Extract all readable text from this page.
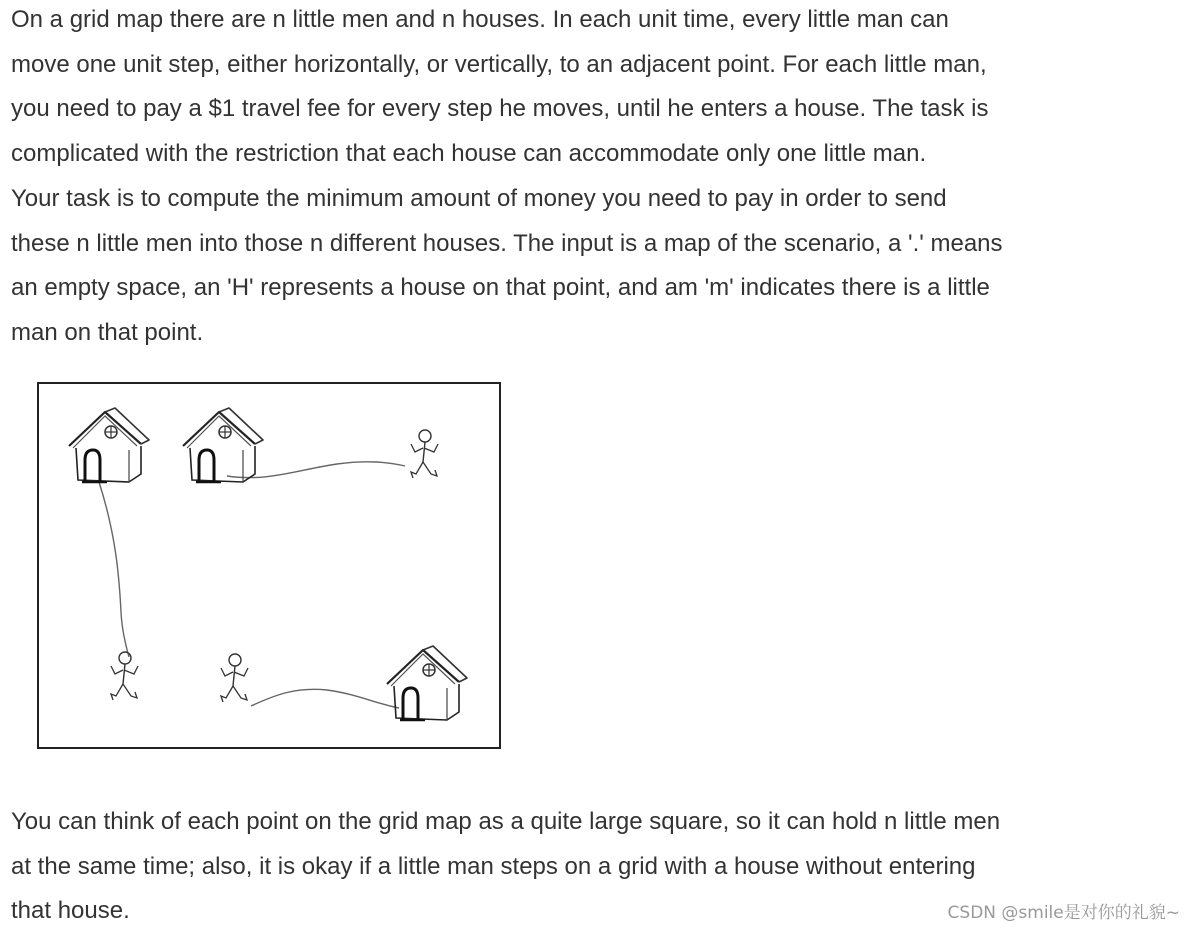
On a grid map there are n little men and n houses. In each unit time, every little man can
move one unit step, either horizontally, or vertically, to an adjacent point. For each little man,
you need to pay a $1 travel fee for every step he moves, until he enters a house. The task is
complicated with the restriction that each house can accommodate only one little man.

Your task is to compute the minimum amount of money you need to pay in order to send
these n little men into those n different houses. The input is a map of the scenario, a '.' means
an empty space, an 'H' represents a house on that point, and am 'm' indicates there is a little
man on that point.

You can think of each point on the grid map as a quite large square, so it can hold n little men
at the same time; also, it is okay if a little man steps on a grid with a house without entering
that house.	CSDN @smile是对你的礼貌~
